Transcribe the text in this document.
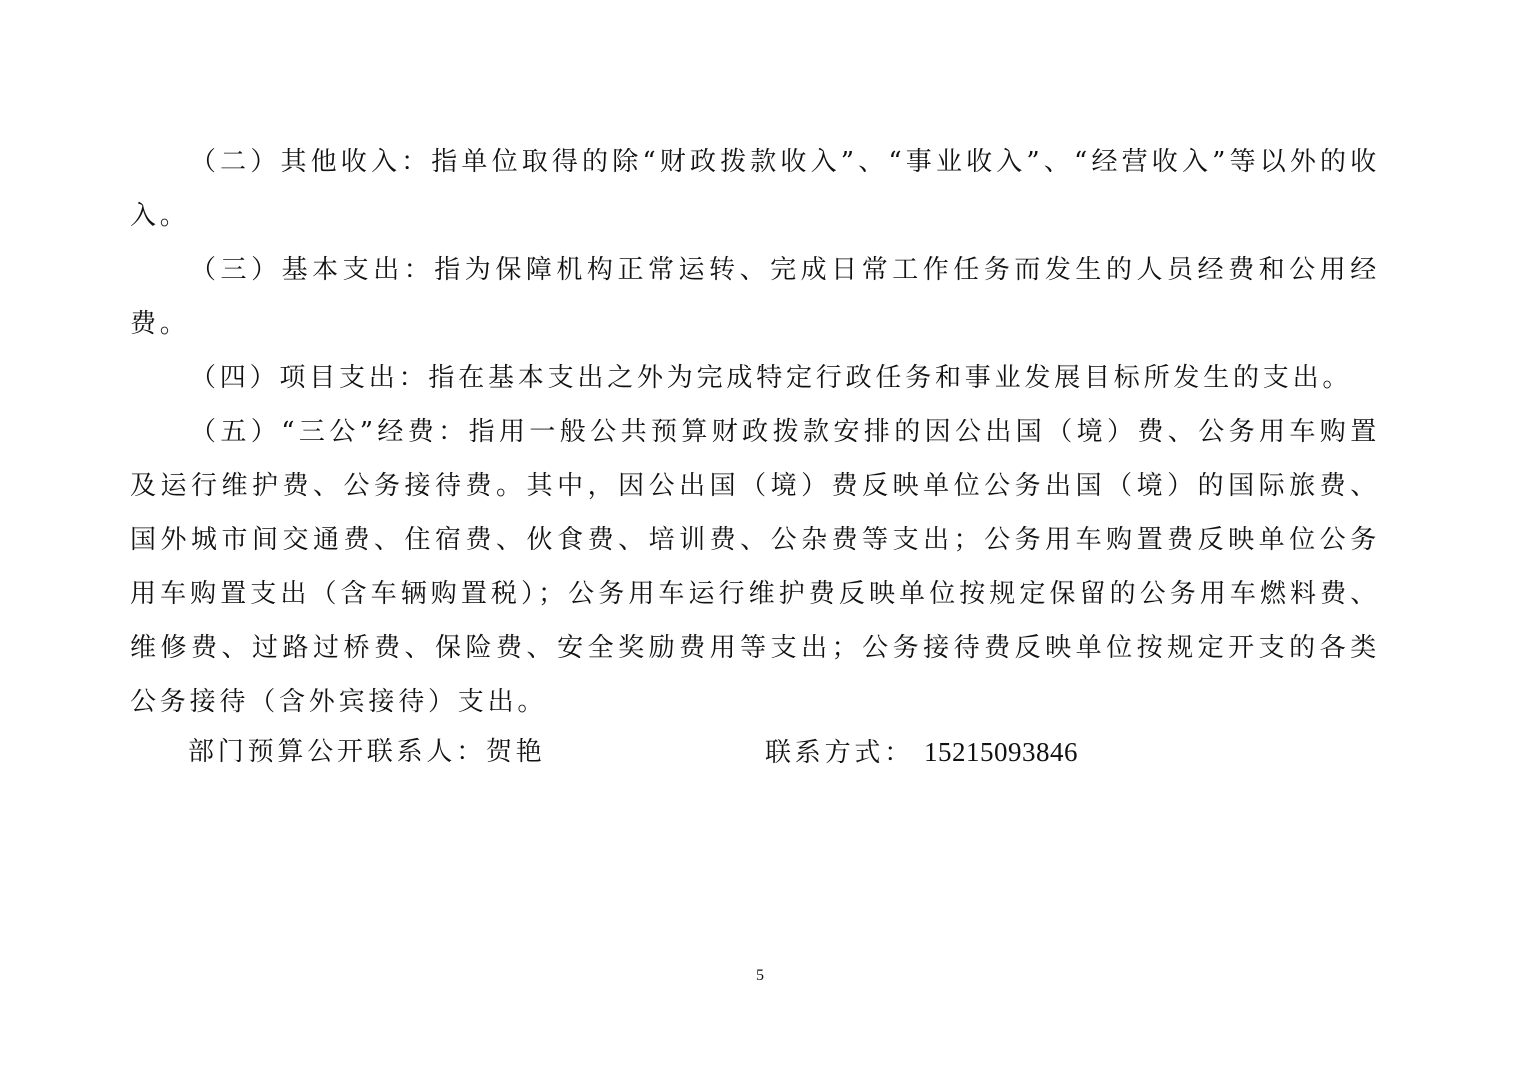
（二）其他收入：指单位取得的除“财政拨款收入”、“事业收入”、“经营收入”等以外的收入。

（三）基本支出：指为保障机构正常运转、完成日常工作任务而发生的人员经费和公用经费。

（四）项目支出：指在基本支出之外为完成特定行政任务和事业发展目标所发生的支出。

（五）“三公”经费：指用一般公共预算财政拨款安排的因公出国（境）费、公务用车购置及运行维护费、公务接待费。其中，因公出国（境）费反映单位公务出国（境）的国际旅费、国外城市间交通费、住宿费、伙食费、培训费、公杂费等支出；公务用车购置费反映单位公务用车购置支出（含车辆购置税）；公务用车运行维护费反映单位按规定保留的公务用车燃料费、维修费、过路过桥费、保险费、安全奖励费用等支出；公务接待费反映单位按规定开支的各类公务接待（含外宾接待）支出。

部门预算公开联系人：贺艳	联系方式： 15215093846
5
